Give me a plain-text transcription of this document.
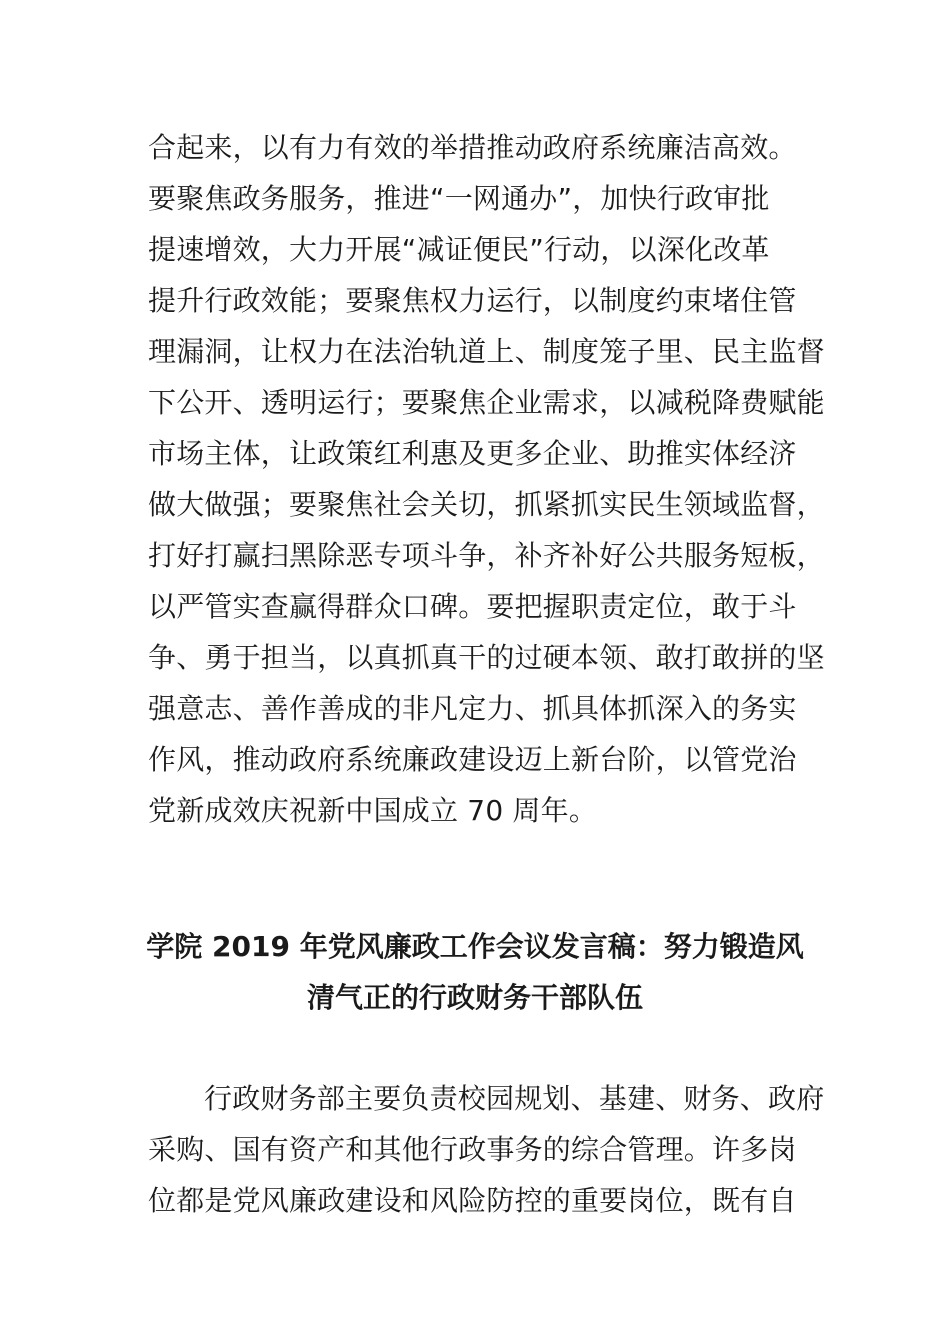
合起来，以有力有效的举措推动政府系统廉洁高效。
要聚焦政务服务，推进“一网通办”，加快行政审批
提速增效，大力开展“减证便民”行动，以深化改革
提升行政效能；要聚焦权力运行，以制度约束堵住管
理漏洞，让权力在法治轨道上、制度笼子里、民主监督
下公开、透明运行；要聚焦企业需求，以减税降费赋能
市场主体，让政策红利惠及更多企业、助推实体经济
做大做强；要聚焦社会关切，抓紧抓实民生领域监督，
打好打赢扫黑除恶专项斗争，补齐补好公共服务短板，
以严管实查赢得群众口碑。要把握职责定位，敢于斗
争、勇于担当，以真抓真干的过硬本领、敢打敢拼的坚
强意志、善作善成的非凡定力、抓具体抓深入的务实
作风，推动政府系统廉政建设迈上新台阶，以管党治
党新成效庆祝新中国成立 70 周年。
学院 2019 年党风廉政工作会议发言稿：努力锻造风
清气正的行政财务干部队伍
行政财务部主要负责校园规划、基建、财务、政府
采购、国有资产和其他行政事务的综合管理。许多岗
位都是党风廉政建设和风险防控的重要岗位，既有自
